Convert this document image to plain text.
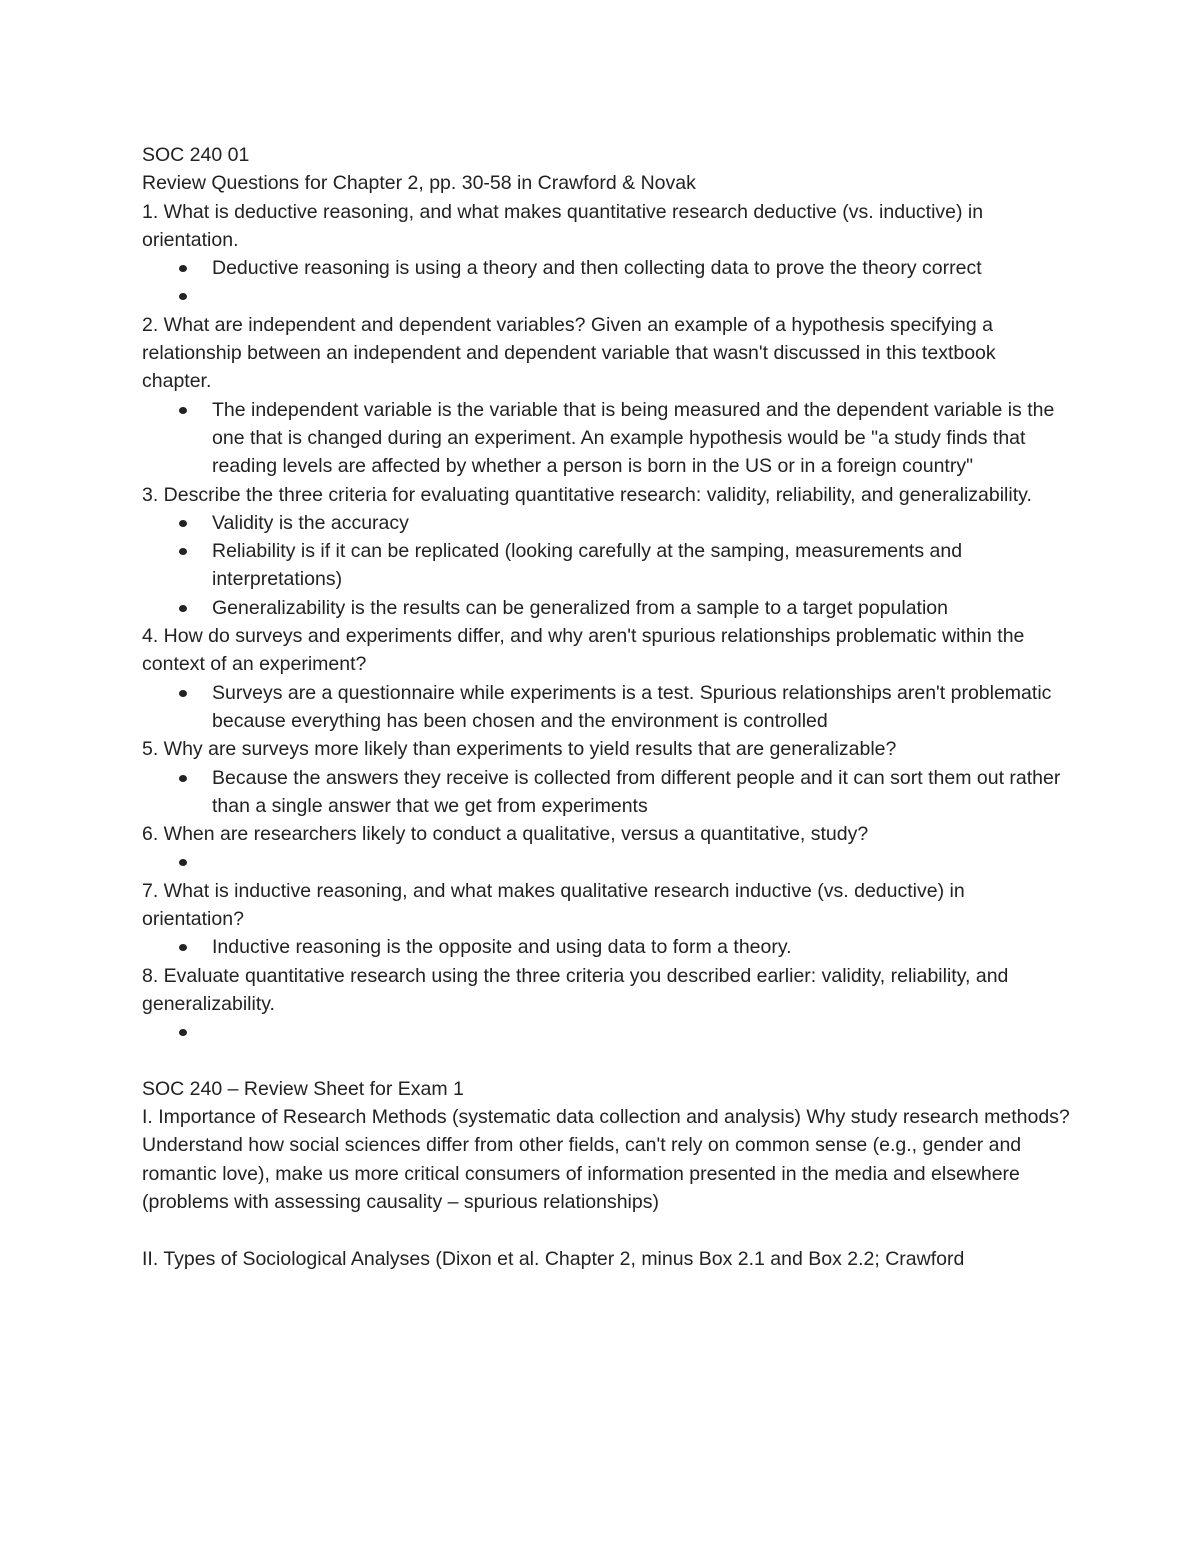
SOC 240 01

Review Questions for Chapter 2, pp. 30-58 in Crawford & Novak

1. What is deductive reasoning, and what makes quantitative research deductive (vs. inductive) in orientation.

Deductive reasoning is using a theory and then collecting data to prove the theory correct

2. What are independent and dependent variables? Given an example of a hypothesis specifying a relationship between an independent and dependent variable that wasn't discussed in this textbook chapter.

The independent variable is the variable that is being measured and the dependent variable is the one that is changed during an experiment. An example hypothesis would be "a study finds that reading levels are affected by whether a person is born in the US or in a foreign country"

3. Describe the three criteria for evaluating quantitative research: validity, reliability, and generalizability.

Validity is the accuracy
Reliability is if it can be replicated (looking carefully at the samping, measurements and interpretations)
Generalizability is the results can be generalized from a sample to a target population

4. How do surveys and experiments differ, and why aren't spurious relationships problematic within the context of an experiment?

Surveys are a questionnaire while experiments is a test. Spurious relationships aren't problematic because everything has been chosen and the environment is controlled

5. Why are surveys more likely than experiments to yield results that are generalizable?

Because the answers they receive is collected from different people and it can sort them out rather than a single answer that we get from experiments

6. When are researchers likely to conduct a qualitative, versus a quantitative, study?

7. What is inductive reasoning, and what makes qualitative research inductive (vs. deductive) in orientation?

Inductive reasoning is the opposite and using data to form a theory.

8. Evaluate quantitative research using the three criteria you described earlier: validity, reliability, and generalizability.

SOC 240 – Review Sheet for Exam 1

I. Importance of Research Methods (systematic data collection and analysis) Why study research methods?

Understand how social sciences differ from other fields, can't rely on common sense (e.g., gender and romantic love), make us more critical consumers of information presented in the media and elsewhere (problems with assessing causality – spurious relationships)

II. Types of Sociological Analyses (Dixon et al. Chapter 2, minus Box 2.1 and Box 2.2; Crawford
